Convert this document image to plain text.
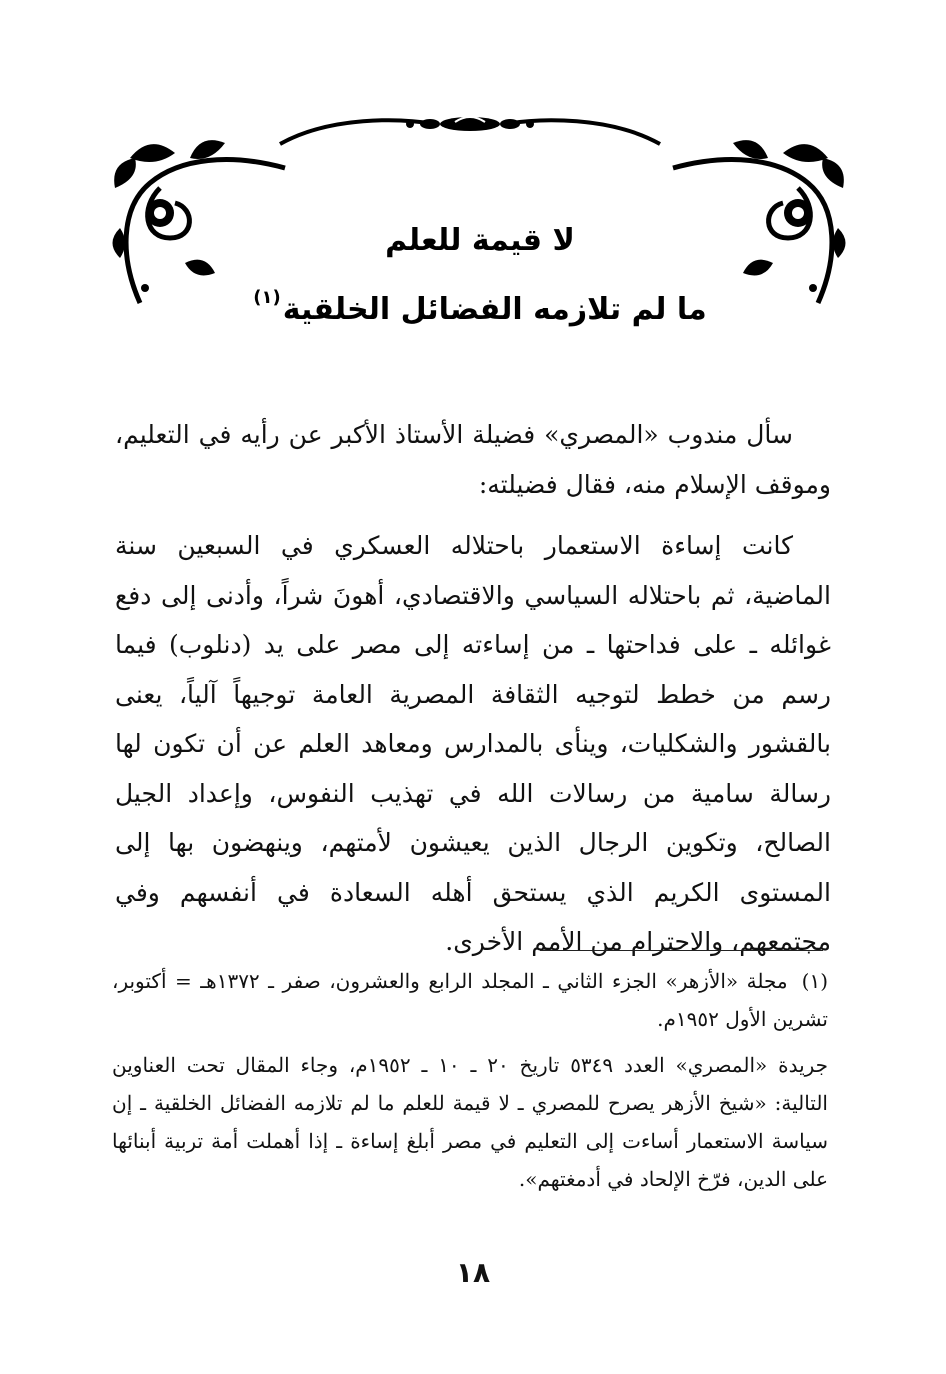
لا قيمة للعلم
ما لم تلازمه الفضائل الخلقية$^{(١)}$

سأل مندوب «المصري» فضيلة الأستاذ الأكبر عن رأيه في التعليم، وموقف الإسلام منه، فقال فضيلته:

كانت إساءة الاستعمار باحتلاله العسكري في السبعين سنة الماضية، ثم باحتلاله السياسي والاقتصادي، أهونَ شراً، وأدنى إلى دفع غوائله ـ على فداحتها ـ من إساءته إلى مصر على يد (دنلوب) فيما رسم من خطط لتوجيه الثقافة المصرية العامة توجيهاً آلياً، يعنى بالقشور والشكليات، وينأى بالمدارس ومعاهد العلم عن أن تكون لها رسالة سامية من رسالات الله في تهذيب النفوس، وإعداد الجيل الصالح، وتكوين الرجال الذين يعيشون لأمتهم، وينهضون بها إلى المستوى الكريم الذي يستحق أهله السعادة في أنفسهم وفي مجتمعهم، والاحترام من الأمم الأخرى.

(١)مجلة «الأزهر» الجزء الثاني ـ المجلد الرابع والعشرون، صفر ـ ١٣٧٢هـ = أكتوبر، تشرين الأول ١٩٥٢م.

جريدة «المصري» العدد ٥٣٤٩ تاريخ ٢٠ ـ ١٠ ـ ١٩٥٢م، وجاء المقال تحت العناوين التالية: «شيخ الأزهر يصرح للمصري ـ لا قيمة للعلم ما لم تلازمه الفضائل الخلقية ـ إن سياسة الاستعمار أساءت إلى التعليم في مصر أبلغ إساءة ـ إذا أهملت أمة تربية أبنائها على الدين، فرّخ الإلحاد في أدمغتهم».

١٨
